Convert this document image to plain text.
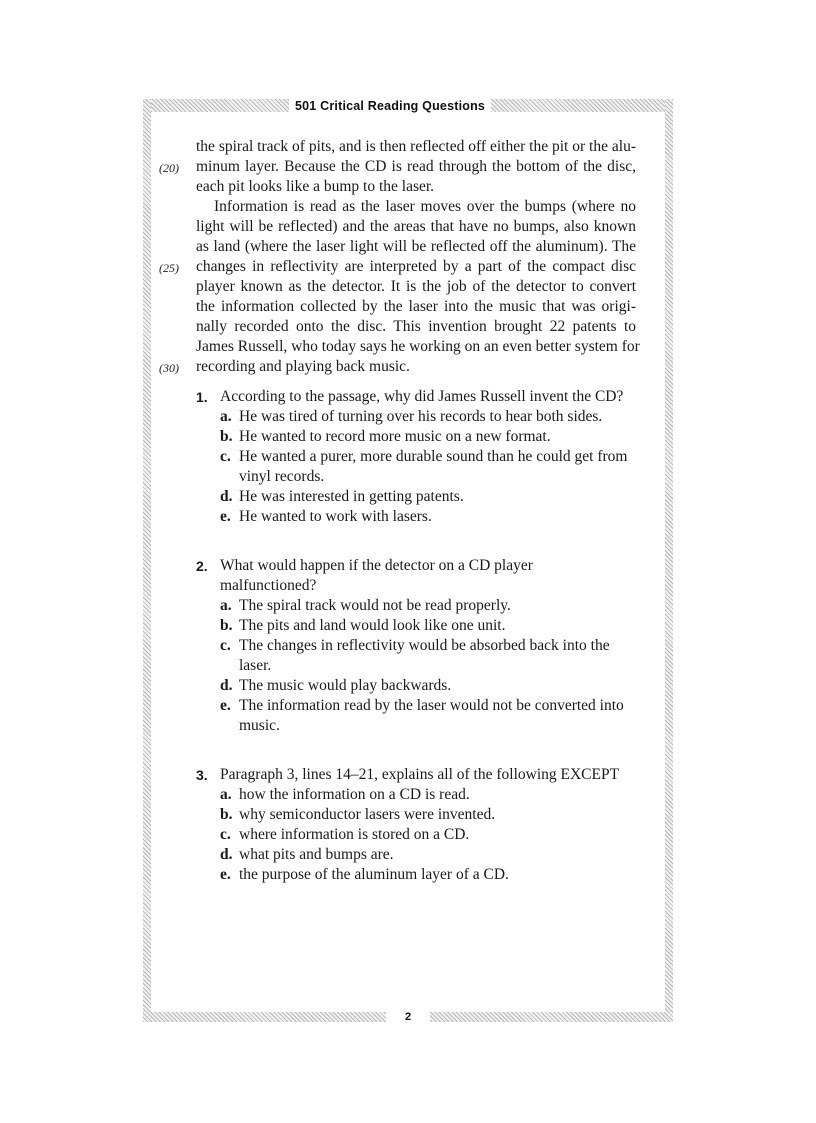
501 Critical Reading Questions
2
the spiral track of pits, and is then reflected off either the pit or the alu-
(20) minum layer. Because the CD is read through the bottom of the disc,
each pit looks like a bump to the laser.
Information is read as the laser moves over the bumps (where no
light will be reflected) and the areas that have no bumps, also known
as land (where the laser light will be reflected off the aluminum). The
(25) changes in reflectivity are interpreted by a part of the compact disc
player known as the detector. It is the job of the detector to convert
the information collected by the laser into the music that was origi-
nally recorded onto the disc. This invention brought 22 patents to
James Russell, who today says he working on an even better system for
(30) recording and playing back music.
1. According to the passage, why did James Russell invent the CD?
a. He was tired of turning over his records to hear both sides.
b. He wanted to record more music on a new format.
c. He wanted a purer, more durable sound than he could get from
vinyl records.
d. He was interested in getting patents.
e. He wanted to work with lasers.
2. What would happen if the detector on a CD player
malfunctioned?
a. The spiral track would not be read properly.
b. The pits and land would look like one unit.
c. The changes in reflectivity would be absorbed back into the
laser.
d. The music would play backwards.
e. The information read by the laser would not be converted into
music.
3. Paragraph 3, lines 14–21, explains all of the following EXCEPT
a. how the information on a CD is read.
b. why semiconductor lasers were invented.
c. where information is stored on a CD.
d. what pits and bumps are.
e. the purpose of the aluminum layer of a CD.
